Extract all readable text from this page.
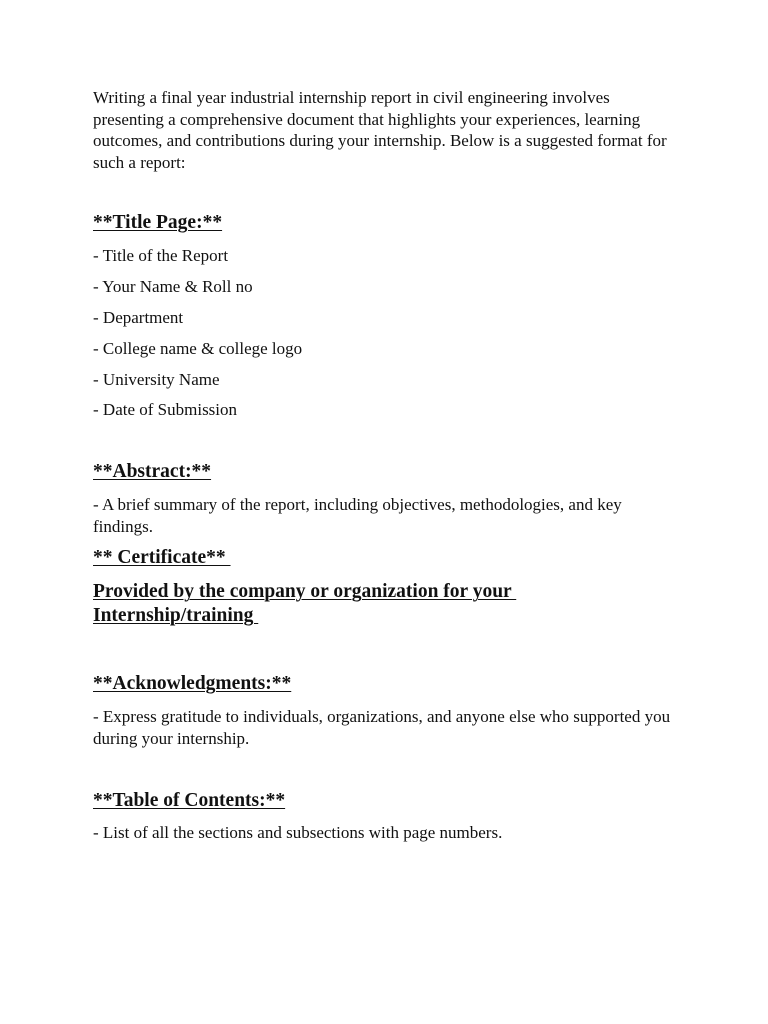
Writing a final year industrial internship report in civil engineering involves presenting a comprehensive document that highlights your experiences, learning outcomes, and contributions during your internship. Below is a suggested format for such a report:

**Title Page:**

- Title of the Report

- Your Name & Roll no

- Department

- College name & college logo

- University Name

- Date of Submission

**Abstract:**

- A brief summary of the report, including objectives, methodologies, and key findings.

** Certificate**
Provided by the company or organization for your
Internship/training
**Acknowledgments:**

- Express gratitude to individuals, organizations, and anyone else who supported you during your internship.

**Table of Contents:**

- List of all the sections and subsections with page numbers.
